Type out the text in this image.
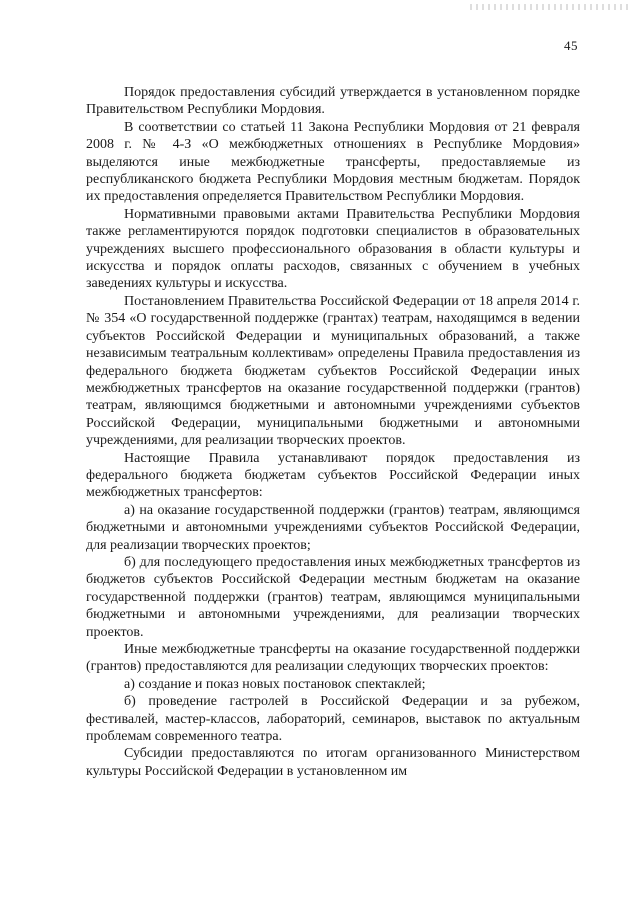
45

Порядок предоставления субсидий утверждается в установленном порядке Правительством Республики Мордовия.

В соответствии со статьей 11 Закона Республики Мордовия от 21 февраля 2008 г. № 4-З «О межбюджетных отношениях в Республике Мордовия» выделяются иные межбюджетные трансферты, предоставляемые из республиканского бюджета Республики Мордовия местным бюджетам. Порядок их предоставления определяется Правительством Республики Мордовия.

Нормативными правовыми актами Правительства Республики Мордовия также регламентируются порядок подготовки специалистов в образовательных учреждениях высшего профессионального образования в области культуры и искусства и порядок оплаты расходов, связанных с обучением в учебных заведениях культуры и искусства.

Постановлением Правительства Российской Федерации от 18 апреля 2014 г. № 354 «О государственной поддержке (грантах) театрам, находящимся в ведении субъектов Российской Федерации и муниципальных образований, а также независимым театральным коллективам» определены Правила предоставления из федерального бюджета бюджетам субъектов Российской Федерации иных межбюджетных трансфертов на оказание государственной поддержки (грантов) театрам, являющимся бюджетными и автономными учреждениями субъектов Российской Федерации, муниципальными бюджетными и автономными учреждениями, для реализации творческих проектов.

Настоящие Правила устанавливают порядок предоставления из федерального бюджета бюджетам субъектов Российской Федерации иных межбюджетных трансфертов:

а) на оказание государственной поддержки (грантов) театрам, являющимся бюджетными и автономными учреждениями субъектов Российской Федерации, для реализации творческих проектов;

б) для последующего предоставления иных межбюджетных трансфертов из бюджетов субъектов Российской Федерации местным бюджетам на оказание государственной поддержки (грантов) театрам, являющимся муниципальными бюджетными и автономными учреждениями, для реализации творческих проектов.

Иные межбюджетные трансферты на оказание государственной поддержки (грантов) предоставляются для реализации следующих творческих проектов:

а) создание и показ новых постановок спектаклей;

б) проведение гастролей в Российской Федерации и за рубежом, фестивалей, мастер-классов, лабораторий, семинаров, выставок по актуальным проблемам современного театра.

Субсидии предоставляются по итогам организованного Министерством культуры Российской Федерации в установленном им
